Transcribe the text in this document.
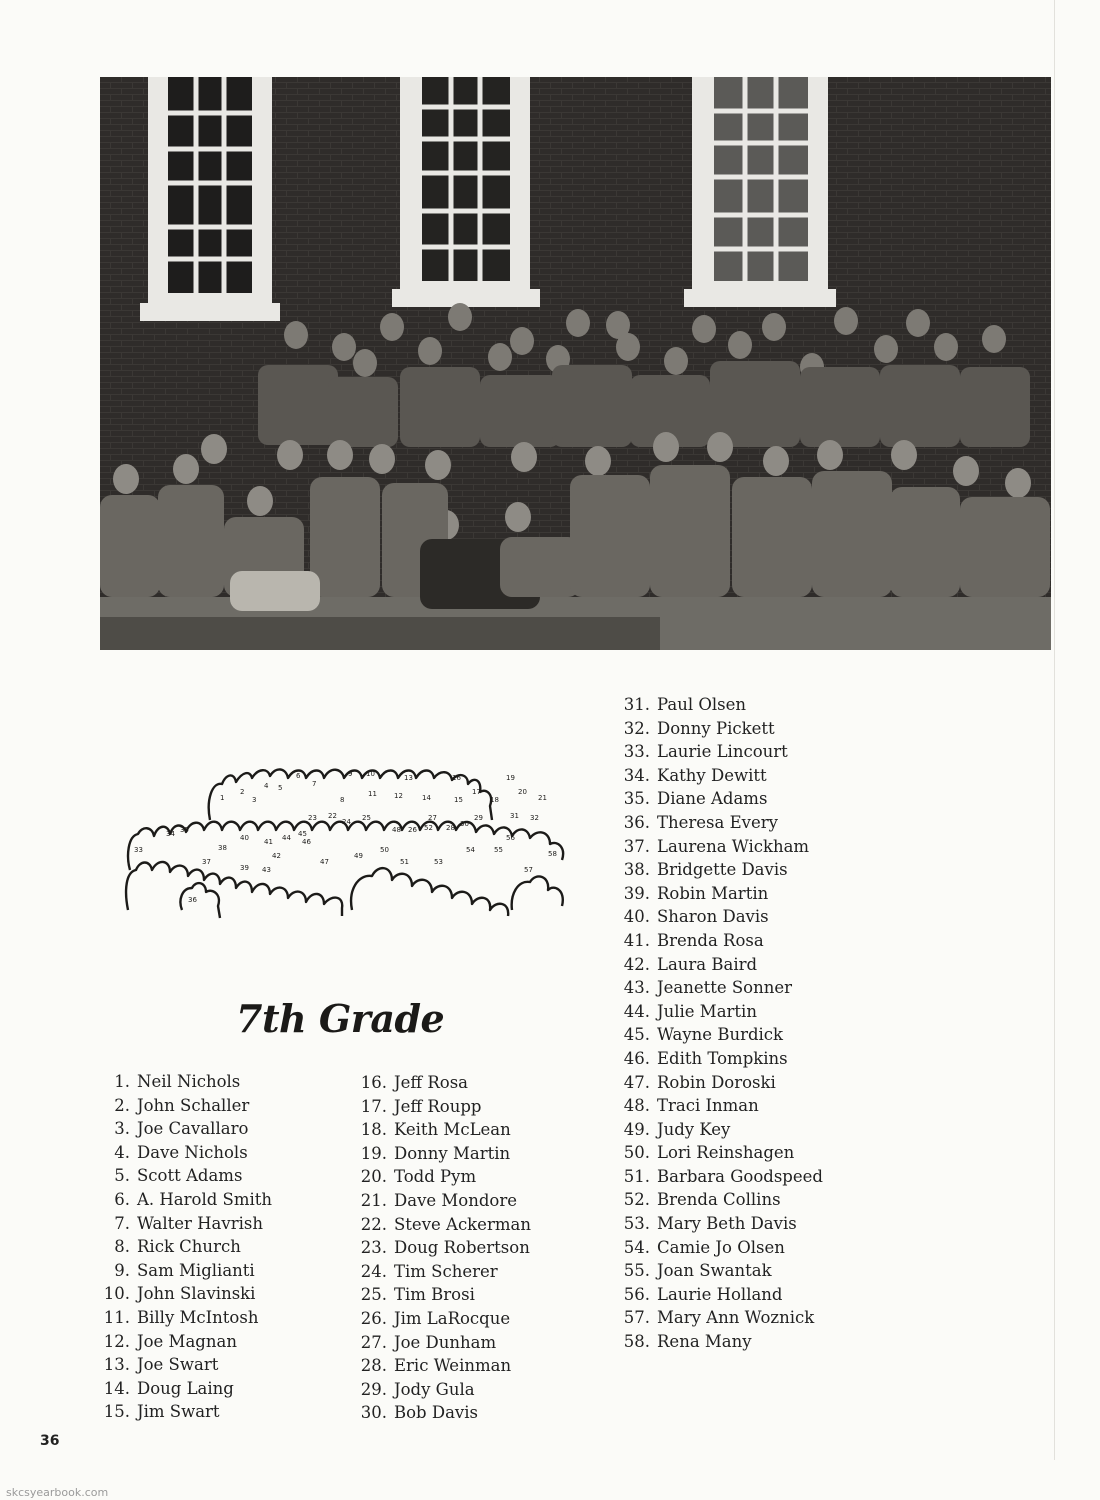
1
2
3
4 5
6
7
8
9 10
11 12
13
14	15
16
17
18
19
20
21
22
23	24 25
26
27
28
29
30
31 32
33
34 35
36
37
38
39
40 41
42
43
44 45
46
47
48
49
50
51
52
53
54	55
56
57
58
7th Grade
1. Neil Nichols
2. John Schaller
3. Joe Cavallaro
4. Dave Nichols
5. Scott Adams
6. A. Harold Smith
7. Walter Havrish
8. Rick Church
9. Sam Miglianti
10. John Slavinski
11. Billy McIntosh
12. Joe Magnan
13. Joe Swart
14. Doug Laing
15. Jim Swart
16. Jeff Rosa
17. Jeff Roupp
18. Keith McLean
19. Donny Martin
20. Todd Pym
21. Dave Mondore
22. Steve Ackerman
23. Doug Robertson
24. Tim Scherer
25. Tim Brosi
26. Jim LaRocque
27. Joe Dunham
28. Eric Weinman
29. Jody Gula
30. Bob Davis
31. Paul Olsen
32. Donny Pickett
33. Laurie Lincourt
34. Kathy Dewitt
35. Diane Adams
36. Theresa Every
37. Laurena Wickham
38. Bridgette Davis
39. Robin Martin
40. Sharon Davis
41. Brenda Rosa
42. Laura Baird
43. Jeanette Sonner
44. Julie Martin
45. Wayne Burdick
46. Edith Tompkins
47. Robin Doroski
48. Traci Inman
49. Judy Key
50. Lori Reinshagen
51. Barbara Goodspeed
52. Brenda Collins
53. Mary Beth Davis
54. Camie Jo Olsen
55. Joan Swantak
56. Laurie Holland
57. Mary Ann Woznick
58. Rena Many
36
skcsyearbook.com
